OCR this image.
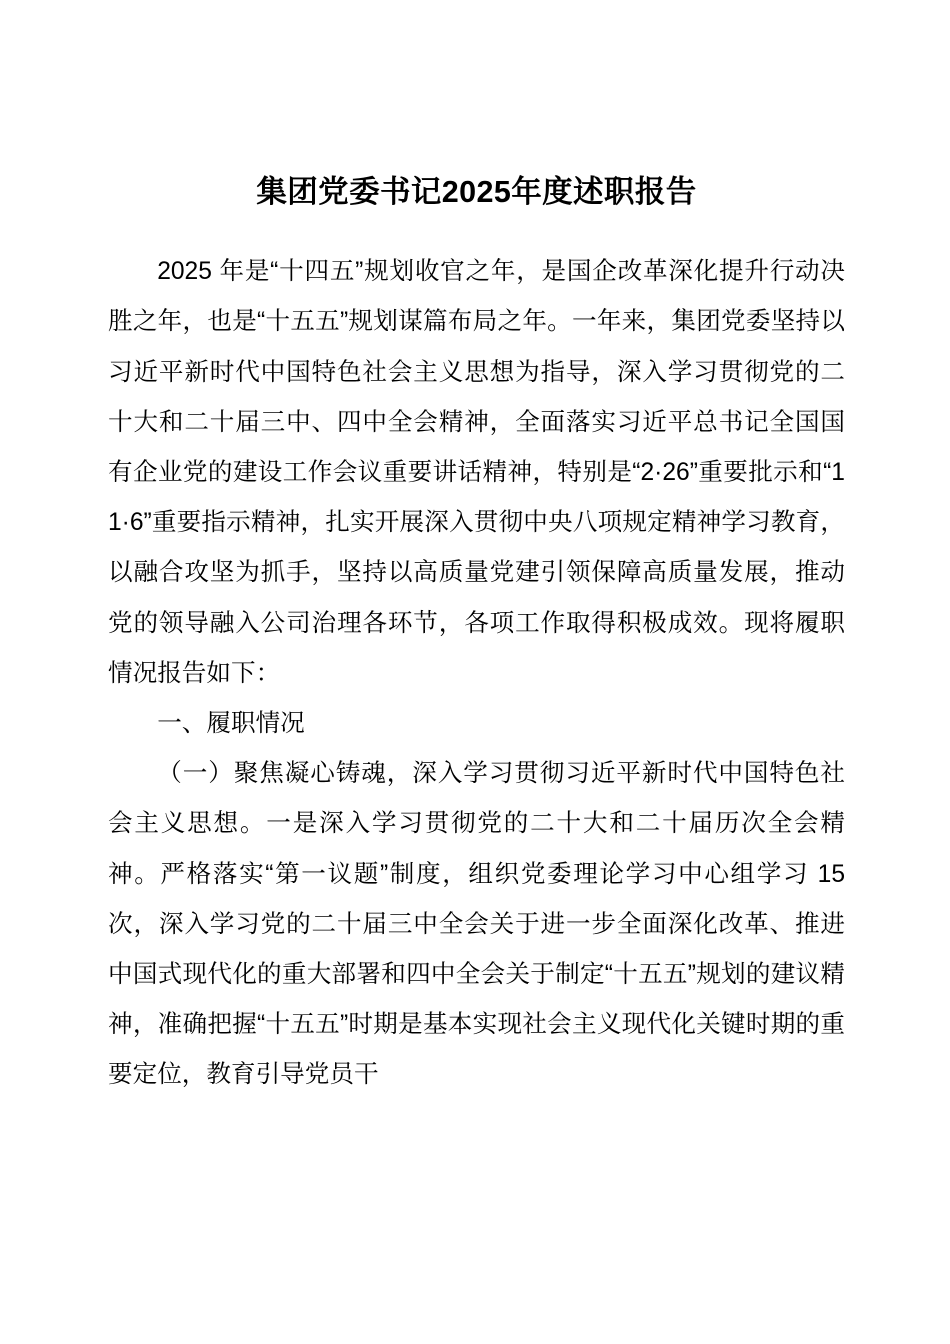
集团党委书记2025年度述职报告

2025 年是“十四五”规划收官之年，是国企改革深化提升行动决胜之年，也是“十五五”规划谋篇布局之年。一年来，集团党委坚持以习近平新时代中国特色社会主义思想为指导，深入学习贯彻党的二十大和二十届三中、四中全会精神，全面落实习近平总书记全国国有企业党的建设工作会议重要讲话精神，特别是“2·26”重要批示和“11·6”重要指示精神，扎实开展深入贯彻中央八项规定精神学习教育，以融合攻坚为抓手，坚持以高质量党建引领保障高质量发展，推动党的领导融入公司治理各环节，各项工作取得积极成效。现将履职情况报告如下：

一、履职情况

（一）聚焦凝心铸魂，深入学习贯彻习近平新时代中国特色社会主义思想。一是深入学习贯彻党的二十大和二十届历次全会精神。严格落实“第一议题”制度，组织党委理论学习中心组学习 15 次，深入学习党的二十届三中全会关于进一步全面深化改革、推进中国式现代化的重大部署和四中全会关于制定“十五五”规划的建议精神，准确把握“十五五”时期是基本实现社会主义现代化关键时期的重要定位，教育引导党员干
